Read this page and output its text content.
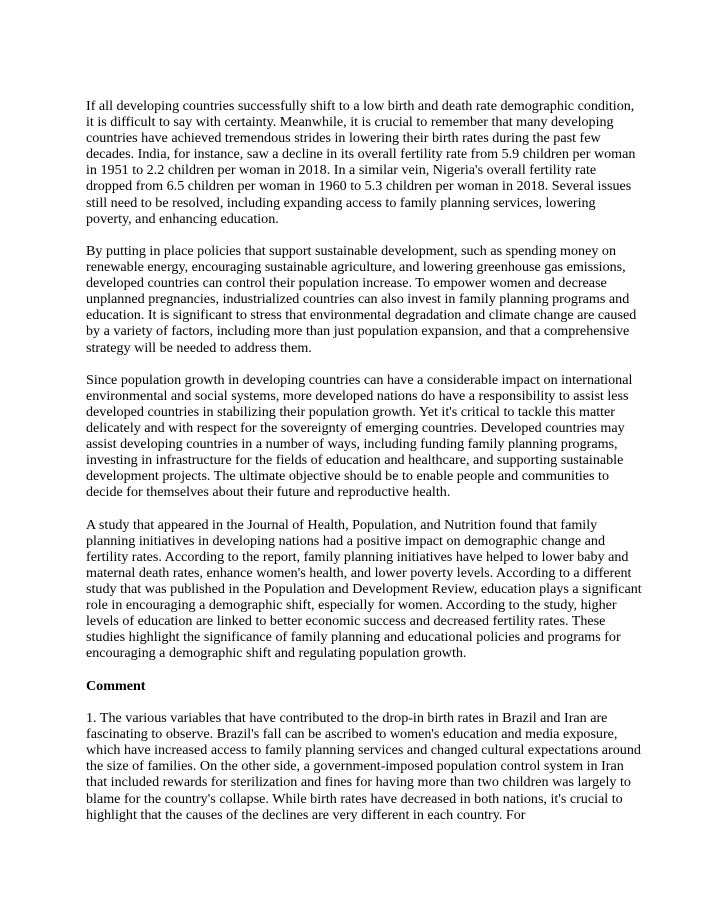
If all developing countries successfully shift to a low birth and death rate demographic condition, it is difficult to say with certainty. Meanwhile, it is crucial to remember that many developing countries have achieved tremendous strides in lowering their birth rates during the past few decades. India, for instance, saw a decline in its overall fertility rate from 5.9 children per woman in 1951 to 2.2 children per woman in 2018. In a similar vein, Nigeria's overall fertility rate dropped from 6.5 children per woman in 1960 to 5.3 children per woman in 2018. Several issues still need to be resolved, including expanding access to family planning services, lowering poverty, and enhancing education.

By putting in place policies that support sustainable development, such as spending money on renewable energy, encouraging sustainable agriculture, and lowering greenhouse gas emissions, developed countries can control their population increase. To empower women and decrease unplanned pregnancies, industrialized countries can also invest in family planning programs and education. It is significant to stress that environmental degradation and climate change are caused by a variety of factors, including more than just population expansion, and that a comprehensive strategy will be needed to address them.

Since population growth in developing countries can have a considerable impact on international environmental and social systems, more developed nations do have a responsibility to assist less developed countries in stabilizing their population growth. Yet it's critical to tackle this matter delicately and with respect for the sovereignty of emerging countries. Developed countries may assist developing countries in a number of ways, including funding family planning programs, investing in infrastructure for the fields of education and healthcare, and supporting sustainable development projects. The ultimate objective should be to enable people and communities to decide for themselves about their future and reproductive health.

A study that appeared in the Journal of Health, Population, and Nutrition found that family planning initiatives in developing nations had a positive impact on demographic change and fertility rates. According to the report, family planning initiatives have helped to lower baby and maternal death rates, enhance women's health, and lower poverty levels. According to a different study that was published in the Population and Development Review, education plays a significant role in encouraging a demographic shift, especially for women. According to the study, higher levels of education are linked to better economic success and decreased fertility rates. These studies highlight the significance of family planning and educational policies and programs for encouraging a demographic shift and regulating population growth.

Comment

1. The various variables that have contributed to the drop-in birth rates in Brazil and Iran are fascinating to observe. Brazil's fall can be ascribed to women's education and media exposure, which have increased access to family planning services and changed cultural expectations around the size of families. On the other side, a government-imposed population control system in Iran that included rewards for sterilization and fines for having more than two children was largely to blame for the country's collapse. While birth rates have decreased in both nations, it's crucial to highlight that the causes of the declines are very different in each country. For
